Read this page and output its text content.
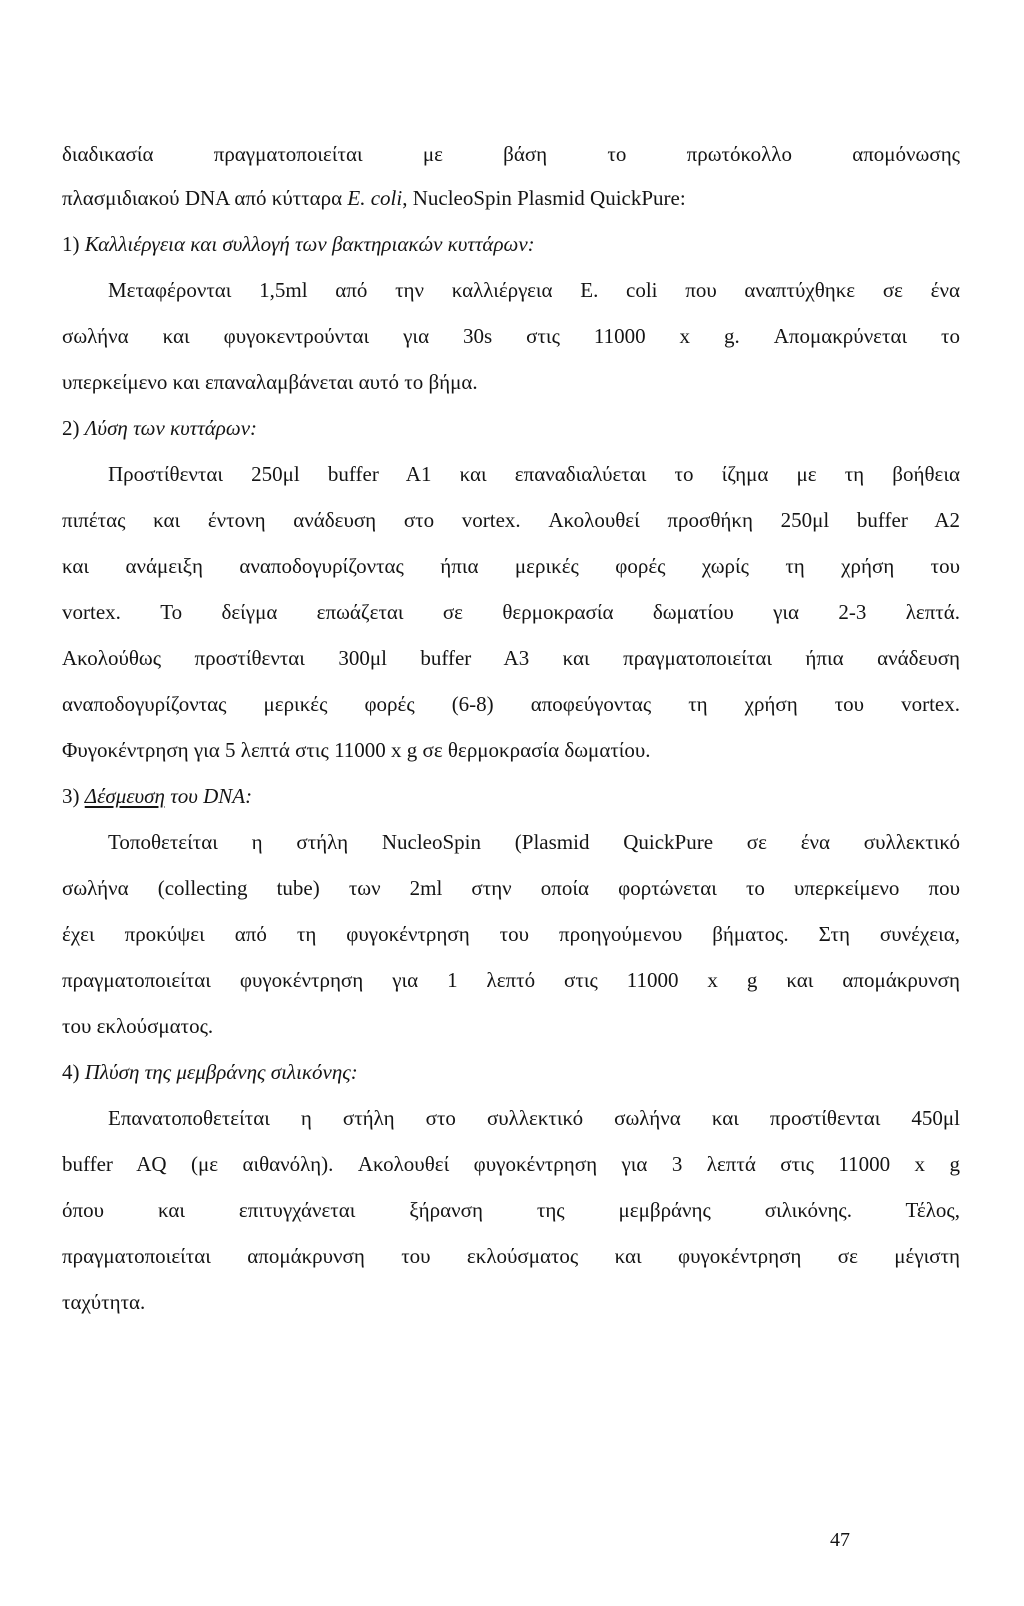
διαδικασία πραγματοποιείται με βάση το πρωτόκολλο απομόνωσης
πλασμιδιακού DNA από κύτταρα E. coli, NucleoSpin Plasmid QuickPure:
1) Καλλιέργεια και συλλογή των βακτηριακών κυττάρων:
Μεταφέρονται 1,5ml από την καλλιέργεια E. coli που αναπτύχθηκε σε ένα
σωλήνα και φυγοκεντρούνται για 30s στις 11000 x g. Απομακρύνεται το
υπερκείμενο και επαναλαμβάνεται αυτό το βήμα.
2) Λύση των κυττάρων:
Προστίθενται 250μl buffer A1 και επαναδιαλύεται το ίζημα με τη βοήθεια
πιπέτας και έντονη ανάδευση στο vortex. Ακολουθεί προσθήκη 250μl buffer A2
και ανάμειξη αναποδογυρίζοντας ήπια μερικές φορές χωρίς τη χρήση του
vortex. Το δείγμα επωάζεται σε θερμοκρασία δωματίου για 2-3 λεπτά.
Ακολούθως προστίθενται 300μl buffer A3 και πραγματοποιείται ήπια ανάδευση
αναποδογυρίζοντας μερικές φορές (6-8) αποφεύγοντας τη χρήση του vortex.
Φυγοκέντρηση για 5 λεπτά στις 11000 x g σε θερμοκρασία δωματίου.
3) Δέσμευση του DNA:
Τοποθετείται η στήλη NucleoSpin (Plasmid QuickPure σε ένα συλλεκτικό
σωλήνα (collecting tube) των 2ml στην οποία φορτώνεται το υπερκείμενο που
έχει προκύψει από τη φυγοκέντρηση του προηγούμενου βήματος. Στη συνέχεια,
πραγματοποιείται φυγοκέντρηση για 1 λεπτό στις 11000 x g και απομάκρυνση
του εκλούσματος.
4) Πλύση της μεμβράνης σιλικόνης:
Επανατοποθετείται η στήλη στο συλλεκτικό σωλήνα και προστίθενται 450μl
buffer AQ (με αιθανόλη). Ακολουθεί φυγοκέντρηση για 3 λεπτά στις 11000 x g
όπου και επιτυγχάνεται ξήρανση της μεμβράνης σιλικόνης. Τέλος,
πραγματοποιείται απομάκρυνση του εκλούσματος και φυγοκέντρηση σε μέγιστη
ταχύτητα.
47
